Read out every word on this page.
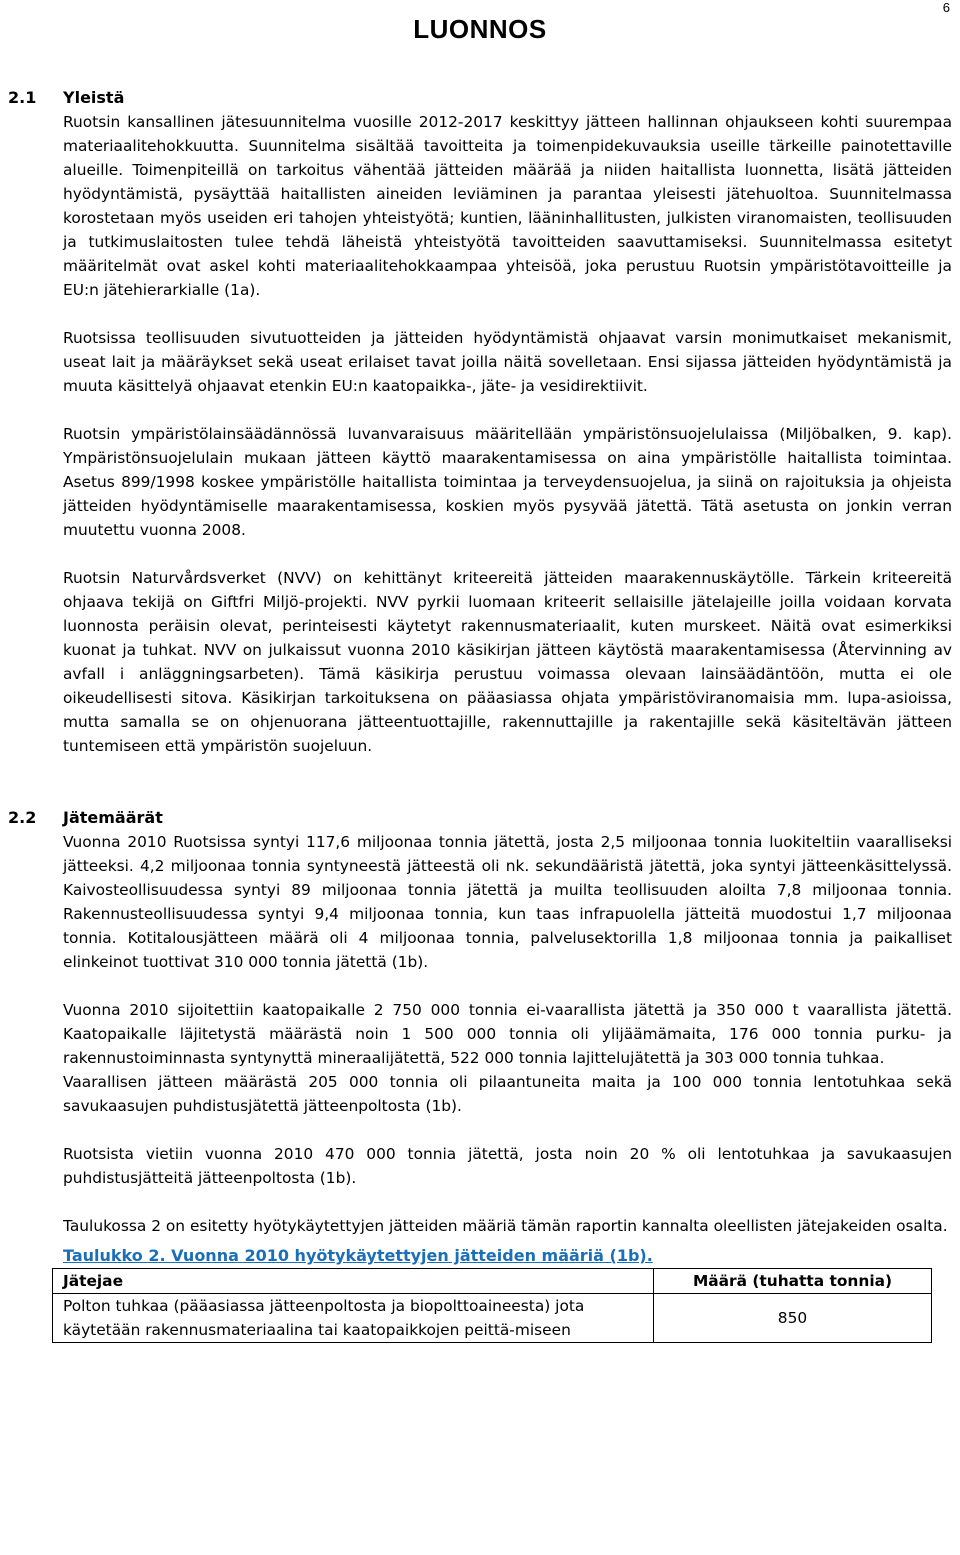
6
LUONNOS
2.1	Yleistä

Ruotsin kansallinen jätesuunnitelma vuosille 2012-2017 keskittyy jätteen hallinnan ohjaukseen kohti suurempaa materiaalitehokkuutta. Suunnitelma sisältää tavoitteita ja toimenpidekuvauksia useille tärkeille painotettaville alueille. Toimenpiteillä on tarkoitus vähentää jätteiden määrää ja niiden haitallista luonnetta, lisätä jätteiden hyödyntämistä, pysäyttää haitallisten aineiden leviäminen ja parantaa yleisesti jätehuoltoa. Suunnitelmassa korostetaan myös useiden eri tahojen yhteistyötä; kuntien, lääninhallitusten, julkisten viranomaisten, teollisuuden ja tutkimuslaitosten tulee tehdä läheistä yhteistyötä tavoitteiden saavuttamiseksi. Suunnitelmassa esitetyt määritelmät ovat askel kohti materiaalitehokkaampaa yhteisöä, joka perustuu Ruotsin ympäristötavoitteille ja EU:n jätehierarkialle (1a).

Ruotsissa teollisuuden sivutuotteiden ja jätteiden hyödyntämistä ohjaavat varsin monimutkaiset mekanismit, useat lait ja määräykset sekä useat erilaiset tavat joilla näitä sovelletaan. Ensi sijassa jätteiden hyödyntämistä ja muuta käsittelyä ohjaavat etenkin EU:n kaatopaikka-, jäte- ja vesidirektiivit.

Ruotsin ympäristölainsäädännössä luvanvaraisuus määritellään ympäristönsuojelulaissa (Miljöbalken, 9. kap). Ympäristönsuojelulain mukaan jätteen käyttö maarakentamisessa on aina ympäristölle haitallista toimintaa. Asetus 899/1998 koskee ympäristölle haitallista toimintaa ja terveydensuojelua, ja siinä on rajoituksia ja ohjeista jätteiden hyödyntämiselle maarakentamisessa, koskien myös pysyvää jätettä. Tätä asetusta on jonkin verran muutettu vuonna 2008.

Ruotsin Naturvårdsverket (NVV) on kehittänyt kriteereitä jätteiden maarakennuskäytölle. Tärkein kriteereitä ohjaava tekijä on Giftfri Miljö-projekti. NVV pyrkii luomaan kriteerit sellaisille jätelajeille joilla voidaan korvata luonnosta peräisin olevat, perinteisesti käytetyt rakennusmateriaalit, kuten murskeet. Näitä ovat esimerkiksi kuonat ja tuhkat. NVV on julkaissut vuonna 2010 käsikirjan jätteen käytöstä maarakentamisessa (Återvinning av avfall i anläggningsarbeten). Tämä käsikirja perustuu voimassa olevaan lainsäädäntöön, mutta ei ole oikeudellisesti sitova. Käsikirjan tarkoituksena on pääasiassa ohjata ympäristöviranomaisia mm. lupa-asioissa, mutta samalla se on ohjenuorana jätteentuottajille, rakennuttajille ja rakentajille sekä käsiteltävän jätteen tuntemiseen että ympäristön suojeluun.

2.2	Jätemäärät

Vuonna 2010 Ruotsissa syntyi 117,6 miljoonaa tonnia jätettä, josta 2,5 miljoonaa tonnia luokiteltiin vaaralliseksi jätteeksi. 4,2 miljoonaa tonnia syntyneestä jätteestä oli nk. sekundääristä jätettä, joka syntyi jätteenkäsittelyssä. Kaivosteollisuudessa syntyi 89 miljoonaa tonnia jätettä ja muilta teollisuuden aloilta 7,8 miljoonaa tonnia. Rakennusteollisuudessa syntyi 9,4 miljoonaa tonnia, kun taas infrapuolella jätteitä muodostui 1,7 miljoonaa tonnia. Kotitalousjätteen määrä oli 4 miljoonaa tonnia, palvelusektorilla 1,8 miljoonaa tonnia ja paikalliset elinkeinot tuottivat 310 000 tonnia jätettä (1b).

Vuonna 2010 sijoitettiin kaatopaikalle 2 750 000 tonnia ei-vaarallista jätettä ja 350 000 t vaarallista jätettä. Kaatopaikalle läjitetystä määrästä noin 1 500 000 tonnia oli ylijäämämaita, 176 000 tonnia purku- ja rakennustoiminnasta syntynyttä mineraalijätettä, 522 000 tonnia lajittelujätettä ja 303 000 tonnia tuhkaa.

Vaarallisen jätteen määrästä 205 000 tonnia oli pilaantuneita maita ja 100 000 tonnia lentotuhkaa sekä savukaasujen puhdistusjätettä jätteenpoltosta (1b).

Ruotsista vietiin vuonna 2010 470 000 tonnia jätettä, josta noin 20 % oli lentotuhkaa ja savukaasujen puhdistusjätteitä jätteenpoltosta (1b).

Taulukossa 2 on esitetty hyötykäytettyjen jätteiden määriä tämän raportin kannalta oleellisten jätejakeiden osalta.

Taulukko 2. Vuonna 2010 hyötykäytettyjen jätteiden määriä (1b).
Jätejae	Määrä (tuhatta tonnia)
Polton tuhkaa (pääasiassa jätteenpoltosta ja biopolttoaineesta) jota käytetään rakennusmateriaalina tai kaatopaikkojen peittä-miseen	850
